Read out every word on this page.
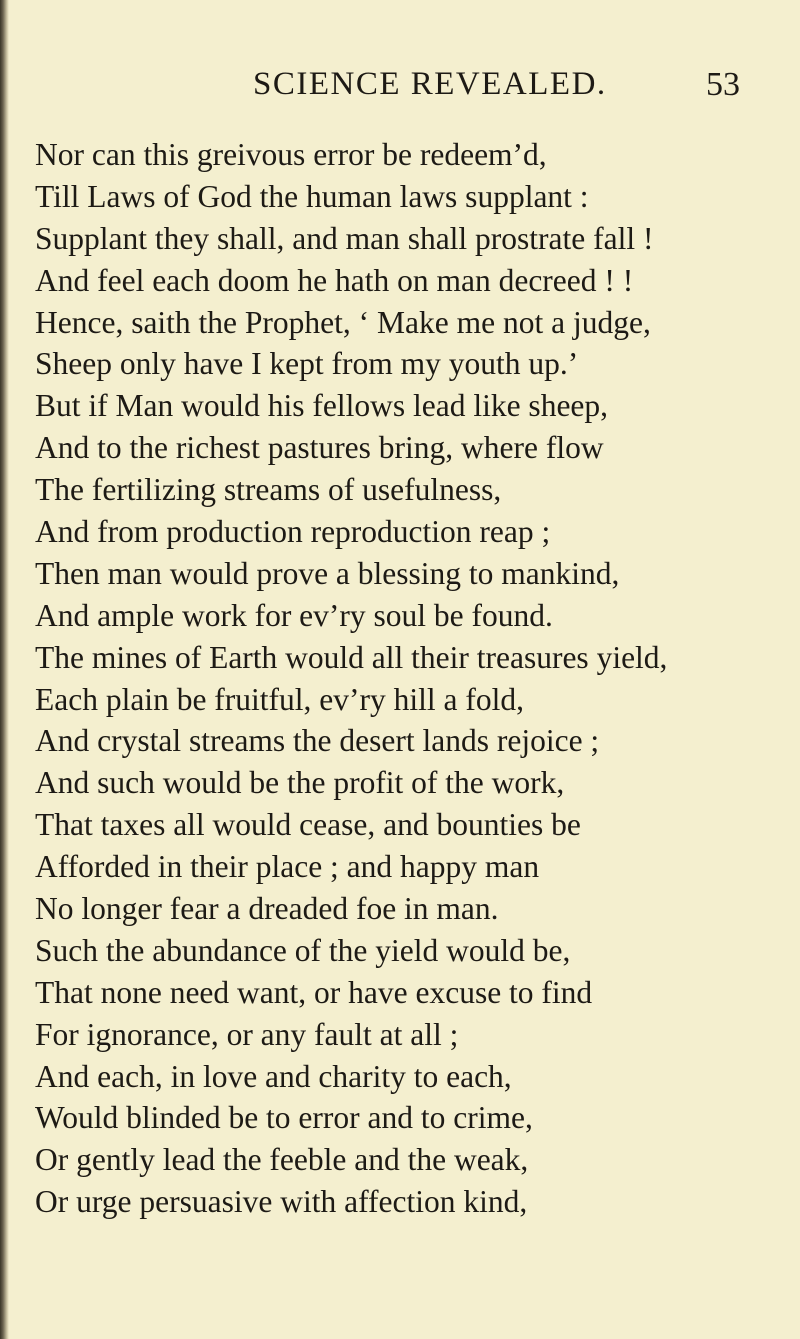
SCIENCE REVEALED.	53
Nor can this greivous error be redeem’d,
Till Laws of God the human laws supplant :
Supplant they shall, and man shall prostrate fall !
And feel each doom he hath on man decreed ! !
Hence, saith the Prophet, ‘ Make me not a judge,
Sheep only have I kept from my youth up.’
But if Man would his fellows lead like sheep,
And to the richest pastures bring, where flow
The fertilizing streams of usefulness,
And from production reproduction reap ;
Then man would prove a blessing to mankind,
And ample work for ev’ry soul be found.
The mines of Earth would all their treasures yield,
Each plain be fruitful, ev’ry hill a fold,
And crystal streams the desert lands rejoice ;
And such would be the profit of the work,
That taxes all would cease, and bounties be
Afforded in their place ; and happy man
No longer fear a dreaded foe in man.
Such the abundance of the yield would be,
That none need want, or have excuse to find
For ignorance, or any fault at all ;
And each, in love and charity to each,
Would blinded be to error and to crime,
Or gently lead the feeble and the weak,
Or urge persuasive with affection kind,
